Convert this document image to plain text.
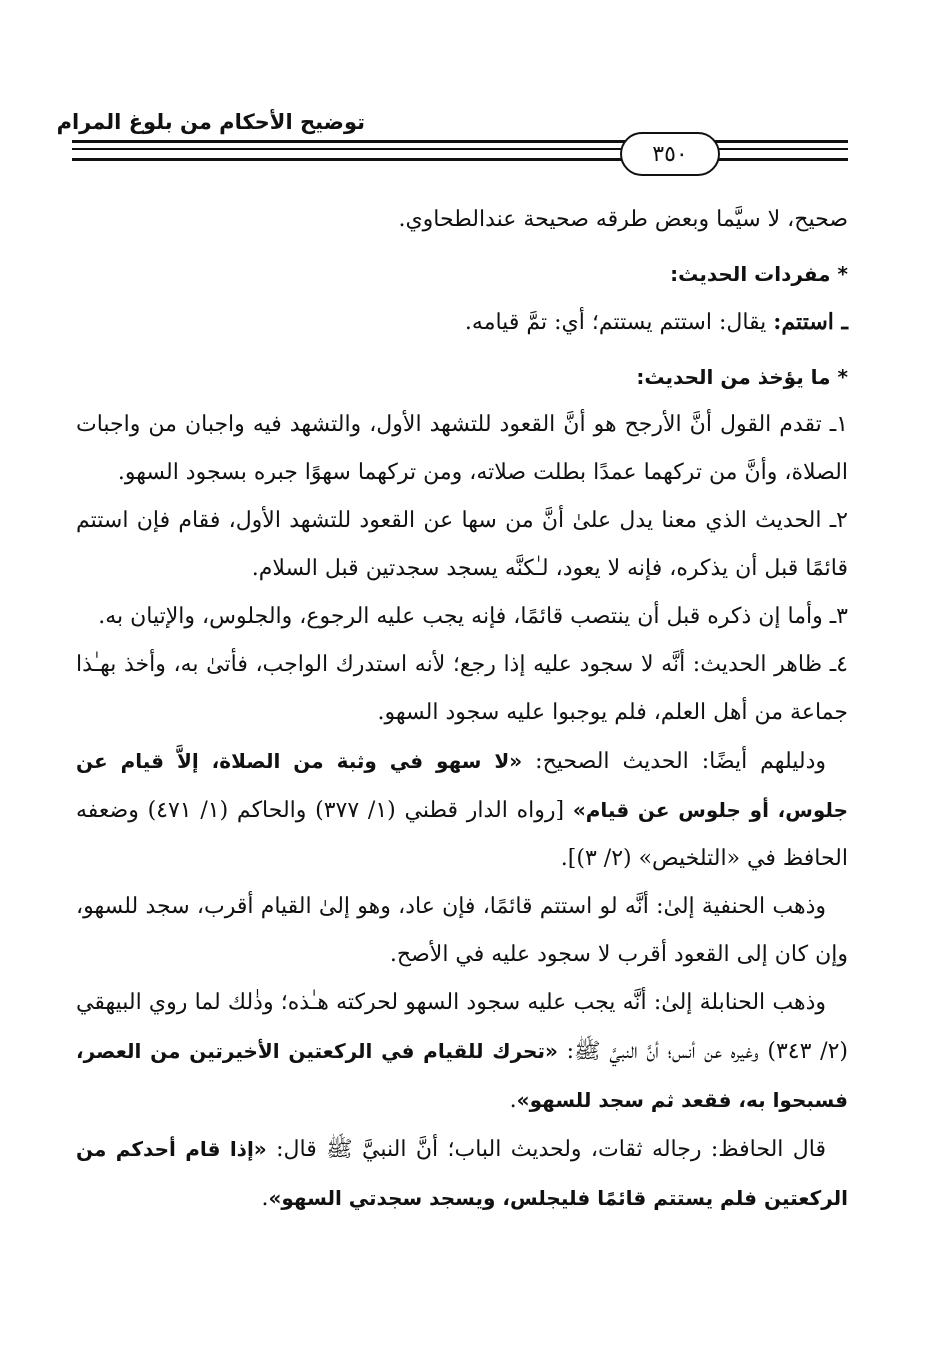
توضيح الأحكام من بلوغ المرام
٣٥٠

صحيح، لا سيَّما وبعض طرقه صحيحة عندالطحاوي.

* مفردات الحديث:

ـ استتم: يقال: استتم يستتم؛ أي: تمَّ قيامه.

* ما يؤخذ من الحديث:

١ـ تقدم القول أنَّ الأرجح هو أنَّ القعود للتشهد الأول، والتشهد فيه واجبان من واجبات الصلاة، وأنَّ من تركهما عمدًا بطلت صلاته، ومن تركهما سهوًا جبره بسجود السهو.

٢ـ الحديث الذي معنا يدل علىٰ أنَّ من سها عن القعود للتشهد الأول، فقام فإن استتم قائمًا قبل أن يذكره، فإنه لا يعود، لـٰكنَّه يسجد سجدتين قبل السلام.

٣ـ وأما إن ذكره قبل أن ينتصب قائمًا، فإنه يجب عليه الرجوع، والجلوس، والإتيان به.

٤ـ ظاهر الحديث: أنَّه لا سجود عليه إذا رجع؛ لأنه استدرك الواجب، فأتىٰ به، وأخذ بهـٰذا جماعة من أهل العلم، فلم يوجبوا عليه سجود السهو.

ودليلهم أيضًا: الحديث الصحيح: «لا سهو في وثبة من الصلاة، إلاَّ قيام عن جلوس، أو جلوس عن قيام» [رواه الدار قطني (١/ ٣٧٧) والحاكم (١/ ٤٧١) وضعفه الحافظ في «التلخيص» (٢/ ٣)].

وذهب الحنفية إلىٰ: أنَّه لو استتم قائمًا، فإن عاد، وهو إلىٰ القيام أقرب، سجد للسهو، وإن كان إلى القعود أقرب لا سجود عليه في الأصح.

وذهب الحنابلة إلىٰ: أنَّه يجب عليه سجود السهو لحركته هـٰذه؛ وذٰلك لما روي البيهقي (٢/ ٣٤٣) وغيره عن أنس؛ أنَّ النبيَّ ﷺ: «تحرك للقيام في الركعتين الأخيرتين من العصر، فسبحوا به، فقعد ثم سجد للسهو».

قال الحافظ: رجاله ثقات، ولحديث الباب؛ أنَّ النبيَّ ﷺ قال: «إذا قام أحدكم من الركعتين فلم يستتم قائمًا فليجلس، ويسجد سجدتي السهو».
